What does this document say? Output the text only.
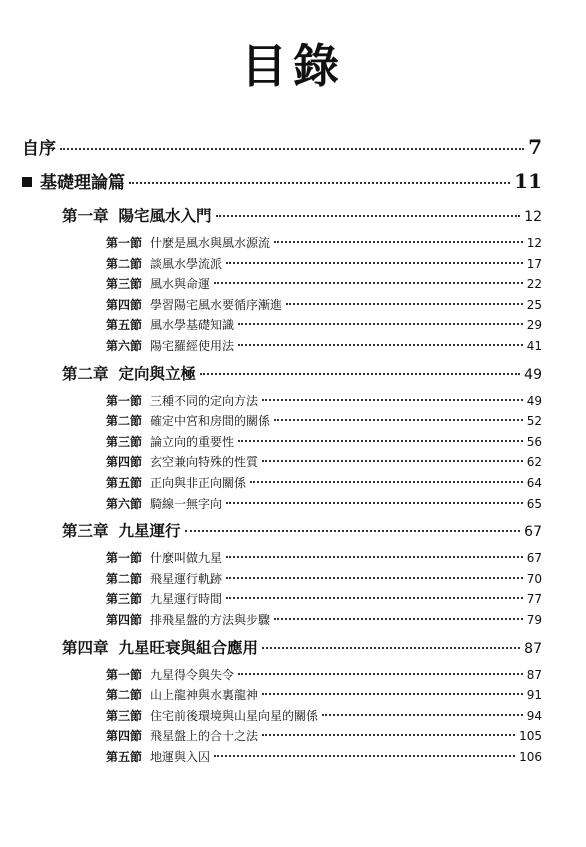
目錄
自序	7
基礎理論篇	11
第一章 陽宅風水入門	12
第一節 什麼是風水與風水源流	12
第二節 談風水學流派	17
第三節 風水與命運	22
第四節 學習陽宅風水要循序漸進	25
第五節 風水學基礎知識	29
第六節 陽宅羅經使用法	41
第二章 定向與立極	49
第一節 三種不同的定向方法	49
第二節 確定中宮和房間的關係	52
第三節 論立向的重要性	56
第四節 玄空兼向特殊的性質	62
第五節 正向與非正向關係	64
第六節 騎線一無字向	65
第三章 九星運行	67
第一節 什麼叫做九星	67
第二節 飛星運行軌跡	70
第三節 九星運行時間	77
第四節 排飛星盤的方法與步驟	79
第四章 九星旺衰與組合應用	87
第一節 九星得令與失令	87
第二節 山上龍神與水裏龍神	91
第三節 住宅前後環境與山星向星的關係	94
第四節 飛星盤上的合十之法	105
第五節 地運與入囚	106
